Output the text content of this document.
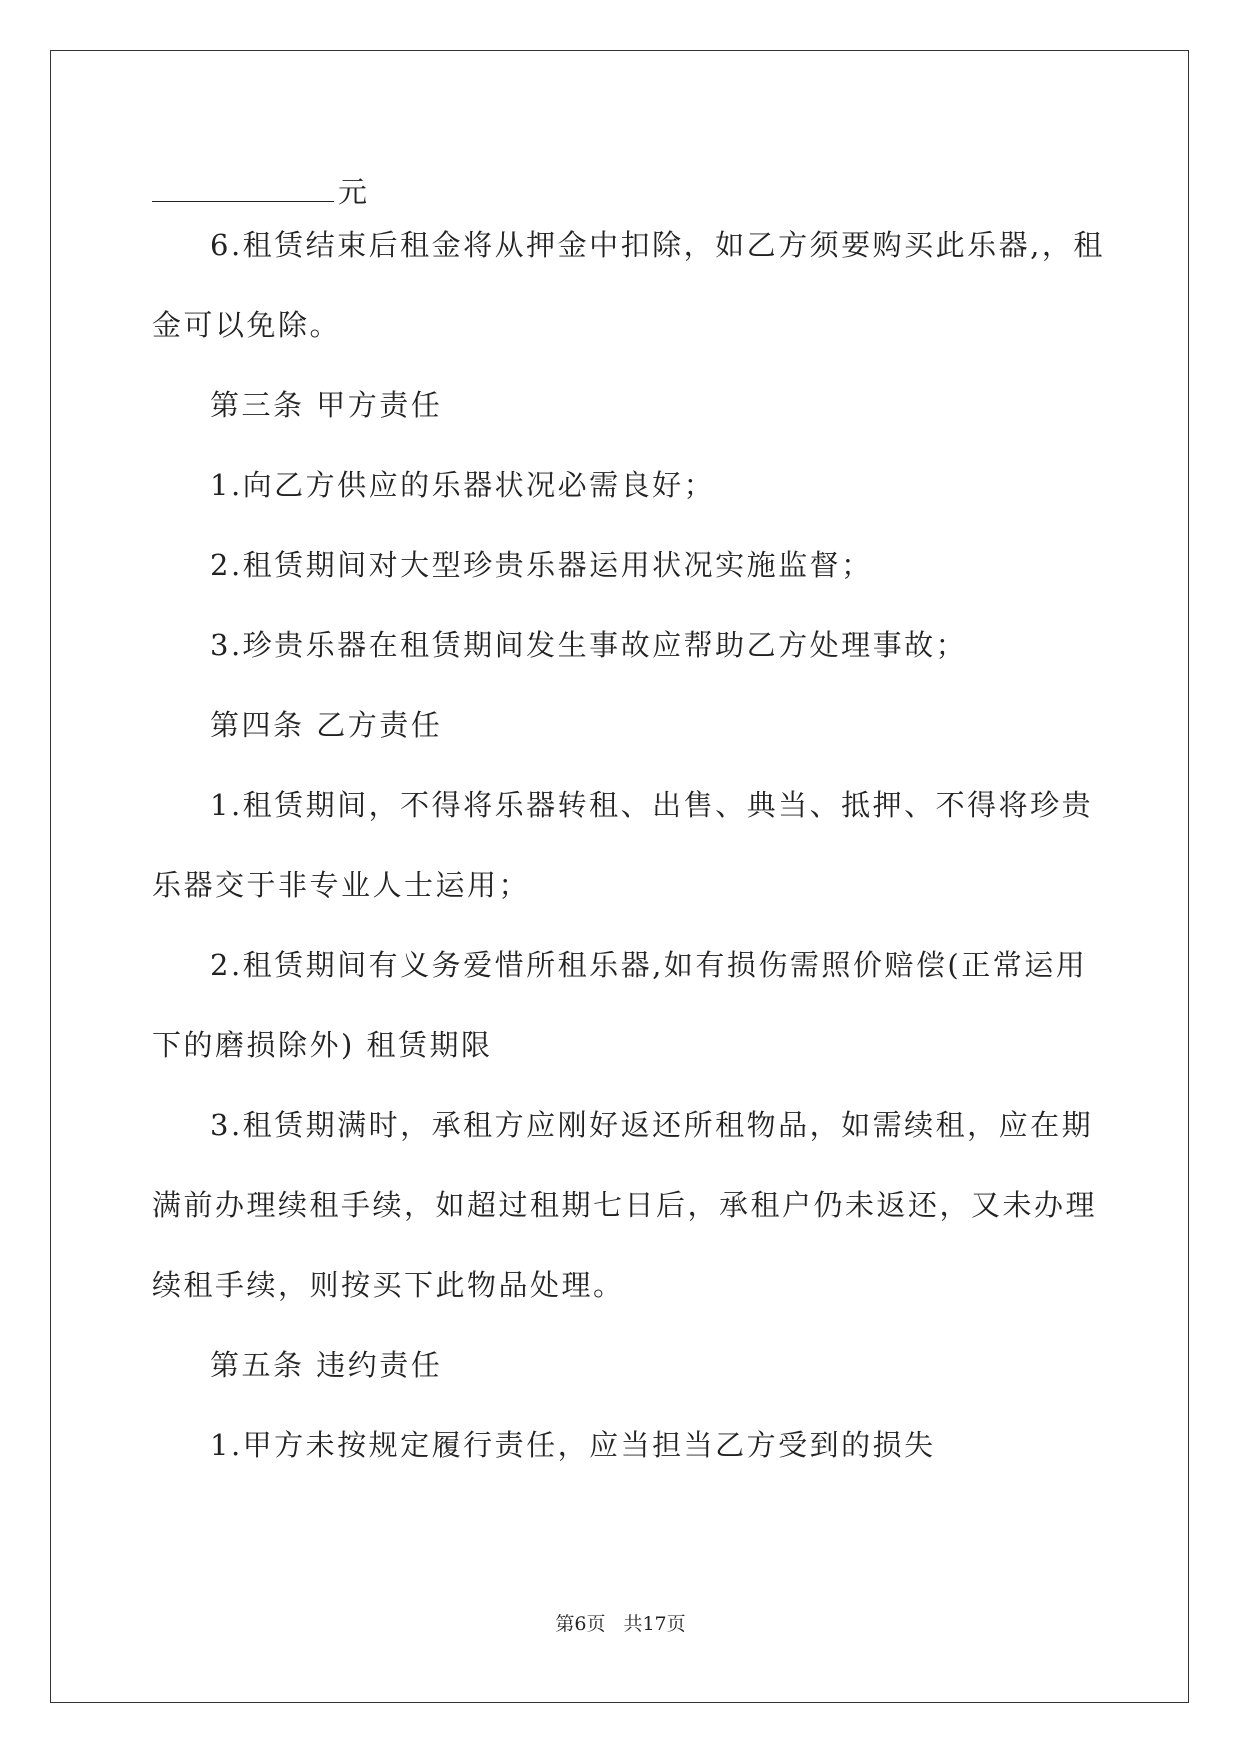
元
6.租赁结束后租金将从押金中扣除，如乙方须要购买此乐器,，租
金可以免除。
第三条 甲方责任
1.向乙方供应的乐器状况必需良好；
2.租赁期间对大型珍贵乐器运用状况实施监督；
3.珍贵乐器在租赁期间发生事故应帮助乙方处理事故；
第四条 乙方责任
1.租赁期间，不得将乐器转租、出售、典当、抵押、不得将珍贵
乐器交于非专业人士运用；
2.租赁期间有义务爱惜所租乐器,如有损伤需照价赔偿(正常运用
下的磨损除外) 租赁期限
3.租赁期满时，承租方应刚好返还所租物品，如需续租，应在期
满前办理续租手续，如超过租期七日后，承租户仍未返还，又未办理
续租手续，则按买下此物品处理。
第五条 违约责任
1.甲方未按规定履行责任，应当担当乙方受到的损失
第6页 共17页
